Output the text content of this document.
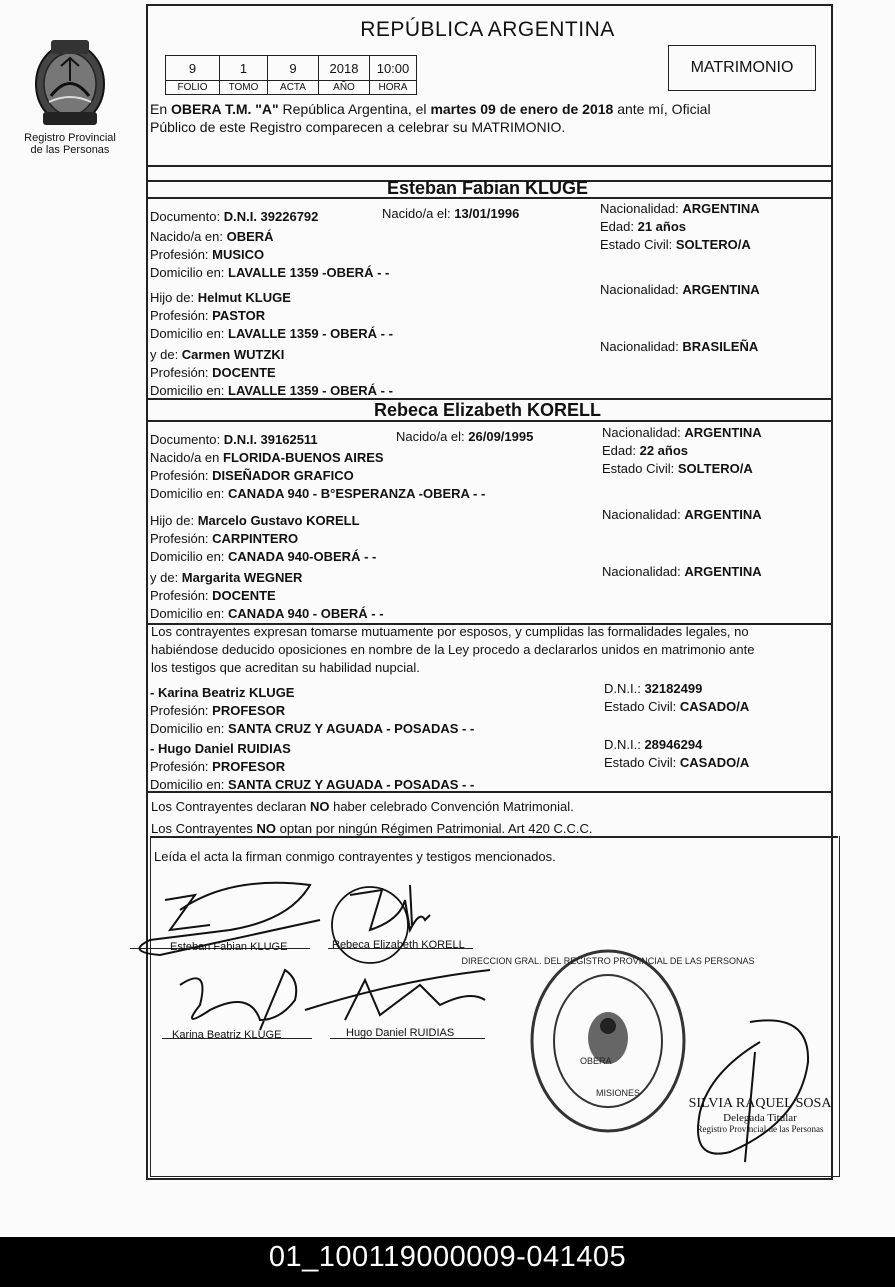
Registro Provincial
de las Personas
REPÚBLICA ARGENTINA
MATRIMONIO
9	1	9	2018	10:00
FOLIO	TOMO	ACTA	AÑO	HORA
En OBERA T.M. "A" República Argentina, el martes 09 de enero de 2018 ante mí, Oficial
Público de este Registro comparecen a celebrar su MATRIMONIO.
Esteban Fabian KLUGE
Documento: D.N.I. 39226792	Nacido/a el: 13/01/1996	Nacionalidad: ARGENTINA
Edad: 21 años
Estado Civil: SOLTERO/A
Nacido/a en: OBERÁ
Profesión: MUSICO
Domicilio en: LAVALLE 1359 -OBERÁ - -
Hijo de: Helmut KLUGE
Profesión: PASTOR
Domicilio en: LAVALLE 1359 - OBERÁ - -
Nacionalidad: ARGENTINA
y de: Carmen WUTZKI
Profesión: DOCENTE
Domicilio en: LAVALLE 1359 - OBERÁ - -
Nacionalidad: BRASILEÑA
Rebeca Elizabeth KORELL
Documento: D.N.I. 39162511	Nacido/a el: 26/09/1995	Nacionalidad: ARGENTINA
Edad: 22 años
Estado Civil: SOLTERO/A
Nacido/a en FLORIDA-BUENOS AIRES
Profesión: DISEÑADOR GRAFICO
Domicilio en: CANADA 940 - B°ESPERANZA -OBERA - -
Hijo de: Marcelo Gustavo KORELL
Profesión: CARPINTERO
Domicilio en: CANADA 940-OBERÁ - -
Nacionalidad: ARGENTINA
y de: Margarita WEGNER
Profesión: DOCENTE
Domicilio en: CANADA 940 - OBERÁ - -
Nacionalidad: ARGENTINA
Los contrayentes expresan tomarse mutuamente por esposos, y cumplidas las formalidades legales, no
habiéndose deducido oposiciones en nombre de la Ley procedo a declararlos unidos en matrimonio ante
los testigos que acreditan su habilidad nupcial.
- Karina Beatriz KLUGE
Profesión: PROFESOR
Domicilio en: SANTA CRUZ Y AGUADA - POSADAS - -
D.N.I.: 32182499
Estado Civil: CASADO/A
- Hugo Daniel RUIDIAS
Profesión: PROFESOR
Domicilio en: SANTA CRUZ Y AGUADA - POSADAS - -
D.N.I.: 28946294
Estado Civil: CASADO/A
Los Contrayentes declaran NO haber celebrado Convención Matrimonial.
Los Contrayentes NO optan por ningún Régimen Patrimonial. Art 420 C.C.C.
Leída el acta la firman conmigo contrayentes y testigos mencionados.
Esteban Fabian KLUGE	Rebeca Elizabeth KORELL
Karina Beatriz KLUGE	Hugo Daniel RUIDIAS
DIRECCION GRAL. DEL REGISTRO PROVINCIAL DE LAS PERSONAS
OBERA
MISIONES
SILVIA RAQUEL SOSA
Delegada Titular
Registro Provincial de las Personas
01_100119000009-041405
